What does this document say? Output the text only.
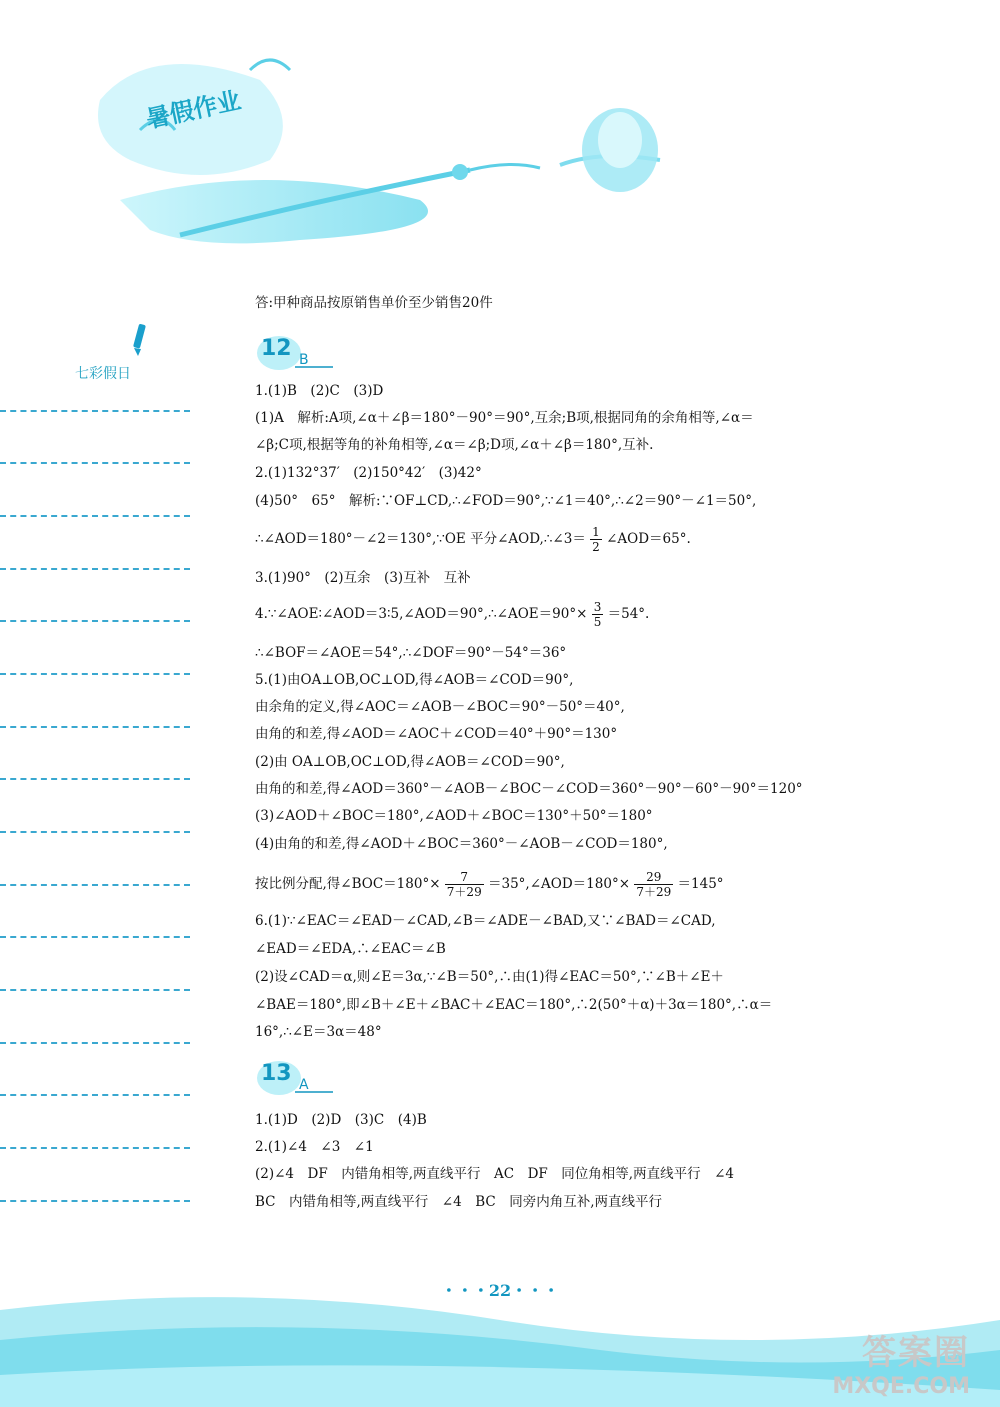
暑假作业
七彩假日
答:甲种商品按原销售单价至少销售20件
12 B
1.(1)B　(2)C　(3)D
(1)A　解析:A项,∠α＋∠β＝180°－90°＝90°,互余;B项,根据同角的余角相等,∠α＝
∠β;C项,根据等角的补角相等,∠α＝∠β;D项,∠α＋∠β＝180°,互补.
2.(1)132°37′　(2)150°42′　(3)42°
(4)50°　65°　解析:∵OF⊥CD,∴∠FOD＝90°,∵∠1＝40°,∴∠2＝90°－∠1＝50°,
∴∠AOD＝180°－∠2＝130°,∵OE 平分∠AOD,∴∠3＝ $\frac{1}{2}$ ∠AOD＝65°.
3.(1)90°　(2)互余　(3)互补　互补
4.∵∠AOE∶∠AOD＝3∶5,∠AOD＝90°,∴∠AOE＝90°× $\frac{3}{5} =54^\circ$.
∴∠BOF＝∠AOE＝54°,∴∠DOF＝90°－54°＝36°
5.(1)由OA⊥OB,OC⊥OD,得∠AOB＝∠COD＝90°,
由余角的定义,得∠AOC＝∠AOB－∠BOC＝90°－50°＝40°,
由角的和差,得∠AOD＝∠AOC＋∠COD＝40°＋90°＝130°
(2)由 OA⊥OB,OC⊥OD,得∠AOB＝∠COD＝90°,
由角的和差,得∠AOD＝360°－∠AOB－∠BOC－∠COD＝360°－90°－60°－90°＝120°
(3)∠AOD＋∠BOC＝180°,∠AOD＋∠BOC＝130°＋50°＝180°
(4)由角的和差,得∠AOD＋∠BOC＝360°－∠AOB－∠COD＝180°,
按比例分配,得∠BOC＝180°× $\frac{7}{7+29}$ ＝35°,∠AOD＝180°× $\frac{29}{7+29} =145^\circ$
6.(1)∵∠EAC＝∠EAD－∠CAD,∠B＝∠ADE－∠BAD,又∵∠BAD＝∠CAD,
∠EAD＝∠EDA,∴∠EAC＝∠B
(2)设∠CAD＝α,则∠E＝3α,∵∠B＝50°,∴由(1)得∠EAC＝50°,∵∠B＋∠E＋
∠BAE＝180°,即∠B＋∠E＋∠BAC＋∠EAC＝180°,∴2(50°＋α)＋3α＝180°,∴α＝
16°,∴∠E＝3α＝48°
13 A
1.(1)D　(2)D　(3)C　(4)B
2.(1)∠4　∠3　∠1
(2)∠4　DF　内错角相等,两直线平行　AC　DF　同位角相等,两直线平行　∠4
BC　内错角相等,两直线平行　∠4　BC　同旁内角互补,两直线平行
・・・22・・・
答案圈
MXQE.COM
